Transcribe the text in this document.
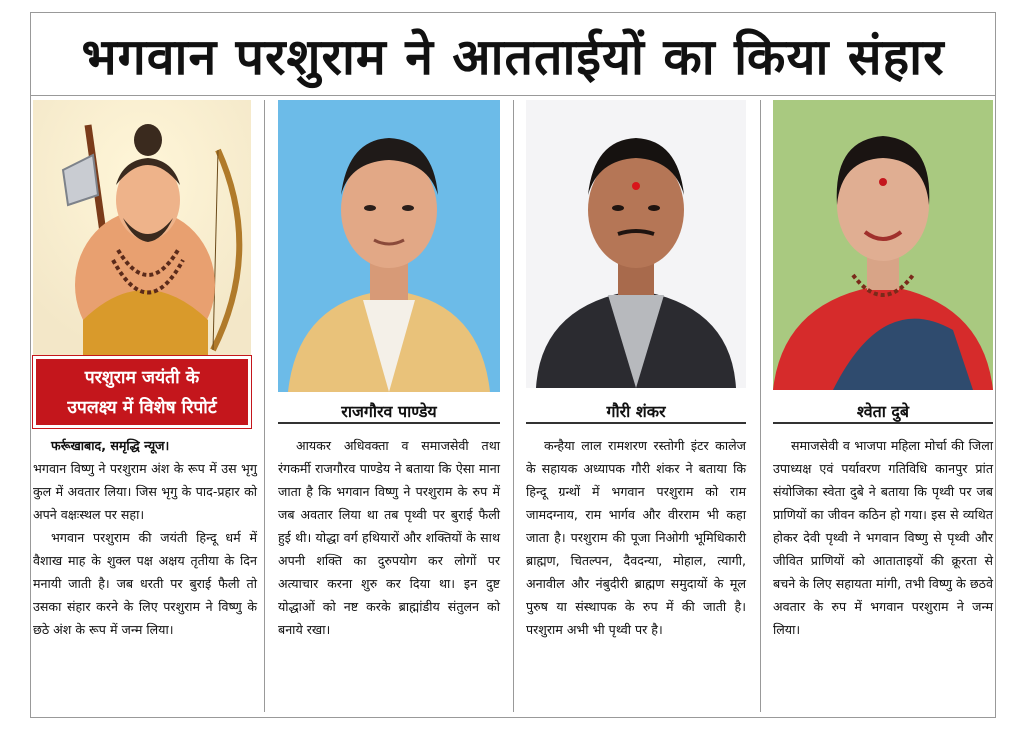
भगवान परशुराम ने आतताईयों का किया संहार
परशुराम जयंती के
उपलक्ष्य में विशेष रिपोर्ट	राजगौरव पाण्डेय	गौरी शंकर	श्वेता दुबे

फर्रूखाबाद, समृद्धि न्यूज।

भगवान विष्णु ने परशुराम अंश के रूप में उस भृगु कुल में अवतार लिया। जिस भृगु के पाद-प्रहार को अपने वक्षःस्थल पर सहा।

भगवान परशुराम की जयंती हिन्दू धर्म में वैशाख माह के शुक्ल पक्ष अक्षय तृतीया के दिन मनायी जाती है। जब धरती पर बुराई फैली तो उसका संहार करने के लिए परशुराम ने विष्णु के छठे अंश के रूप में जन्म लिया।

आयकर अधिवक्ता व समाजसेवी तथा रंगकर्मी राजगौरव पाण्डेय ने बताया कि ऐसा माना जाता है कि भगवान विष्णु ने परशुराम के रुप में जब अवतार लिया था तब पृथ्वी पर बुराई फैली हुई थी। योद्धा वर्ग हथियारों और शक्तियों के साथ अपनी शक्ति का दुरुपयोग कर लोगों पर अत्याचार करना शुरु कर दिया था। इन दुष्ट योद्धाओं को नष्ट करके ब्राह्मांडीय संतुलन को बनाये रखा।

कन्हैया लाल रामशरण रस्तोगी इंटर कालेज के सहायक अध्यापक गौरी शंकर ने बताया कि हिन्दू ग्रन्थों में भगवान परशुराम को राम जामदग्नाय, राम भार्गव और वीरराम भी कहा जाता है। परशुराम की पूजा निओगी भूमिधिकारी ब्राह्मण, चितल्पन, दैवदन्या, मोहाल, त्यागी, अनावील और नंबुदीरी ब्राह्मण समुदायों के मूल पुरुष या संस्थापक के रुप में की जाती है। परशुराम अभी भी पृथ्वी पर है।

समाजसेवी व भाजपा महिला मोर्चा की जिला उपाध्यक्ष एवं पर्यावरण गतिविधि कानपुर प्रांत संयोजिका स्वेता दुबे ने बताया कि पृथ्वी पर जब प्राणियों का जीवन कठिन हो गया। इस से व्यथित होकर देवी पृथ्वी ने भगवान विष्णु से पृथ्वी और जीवित प्राणियों को आताताइयों की क्रूरता से बचने के लिए सहायता मांगी, तभी विष्णु के छठवे अवतार के रुप में भगवान परशुराम ने जन्म लिया।
